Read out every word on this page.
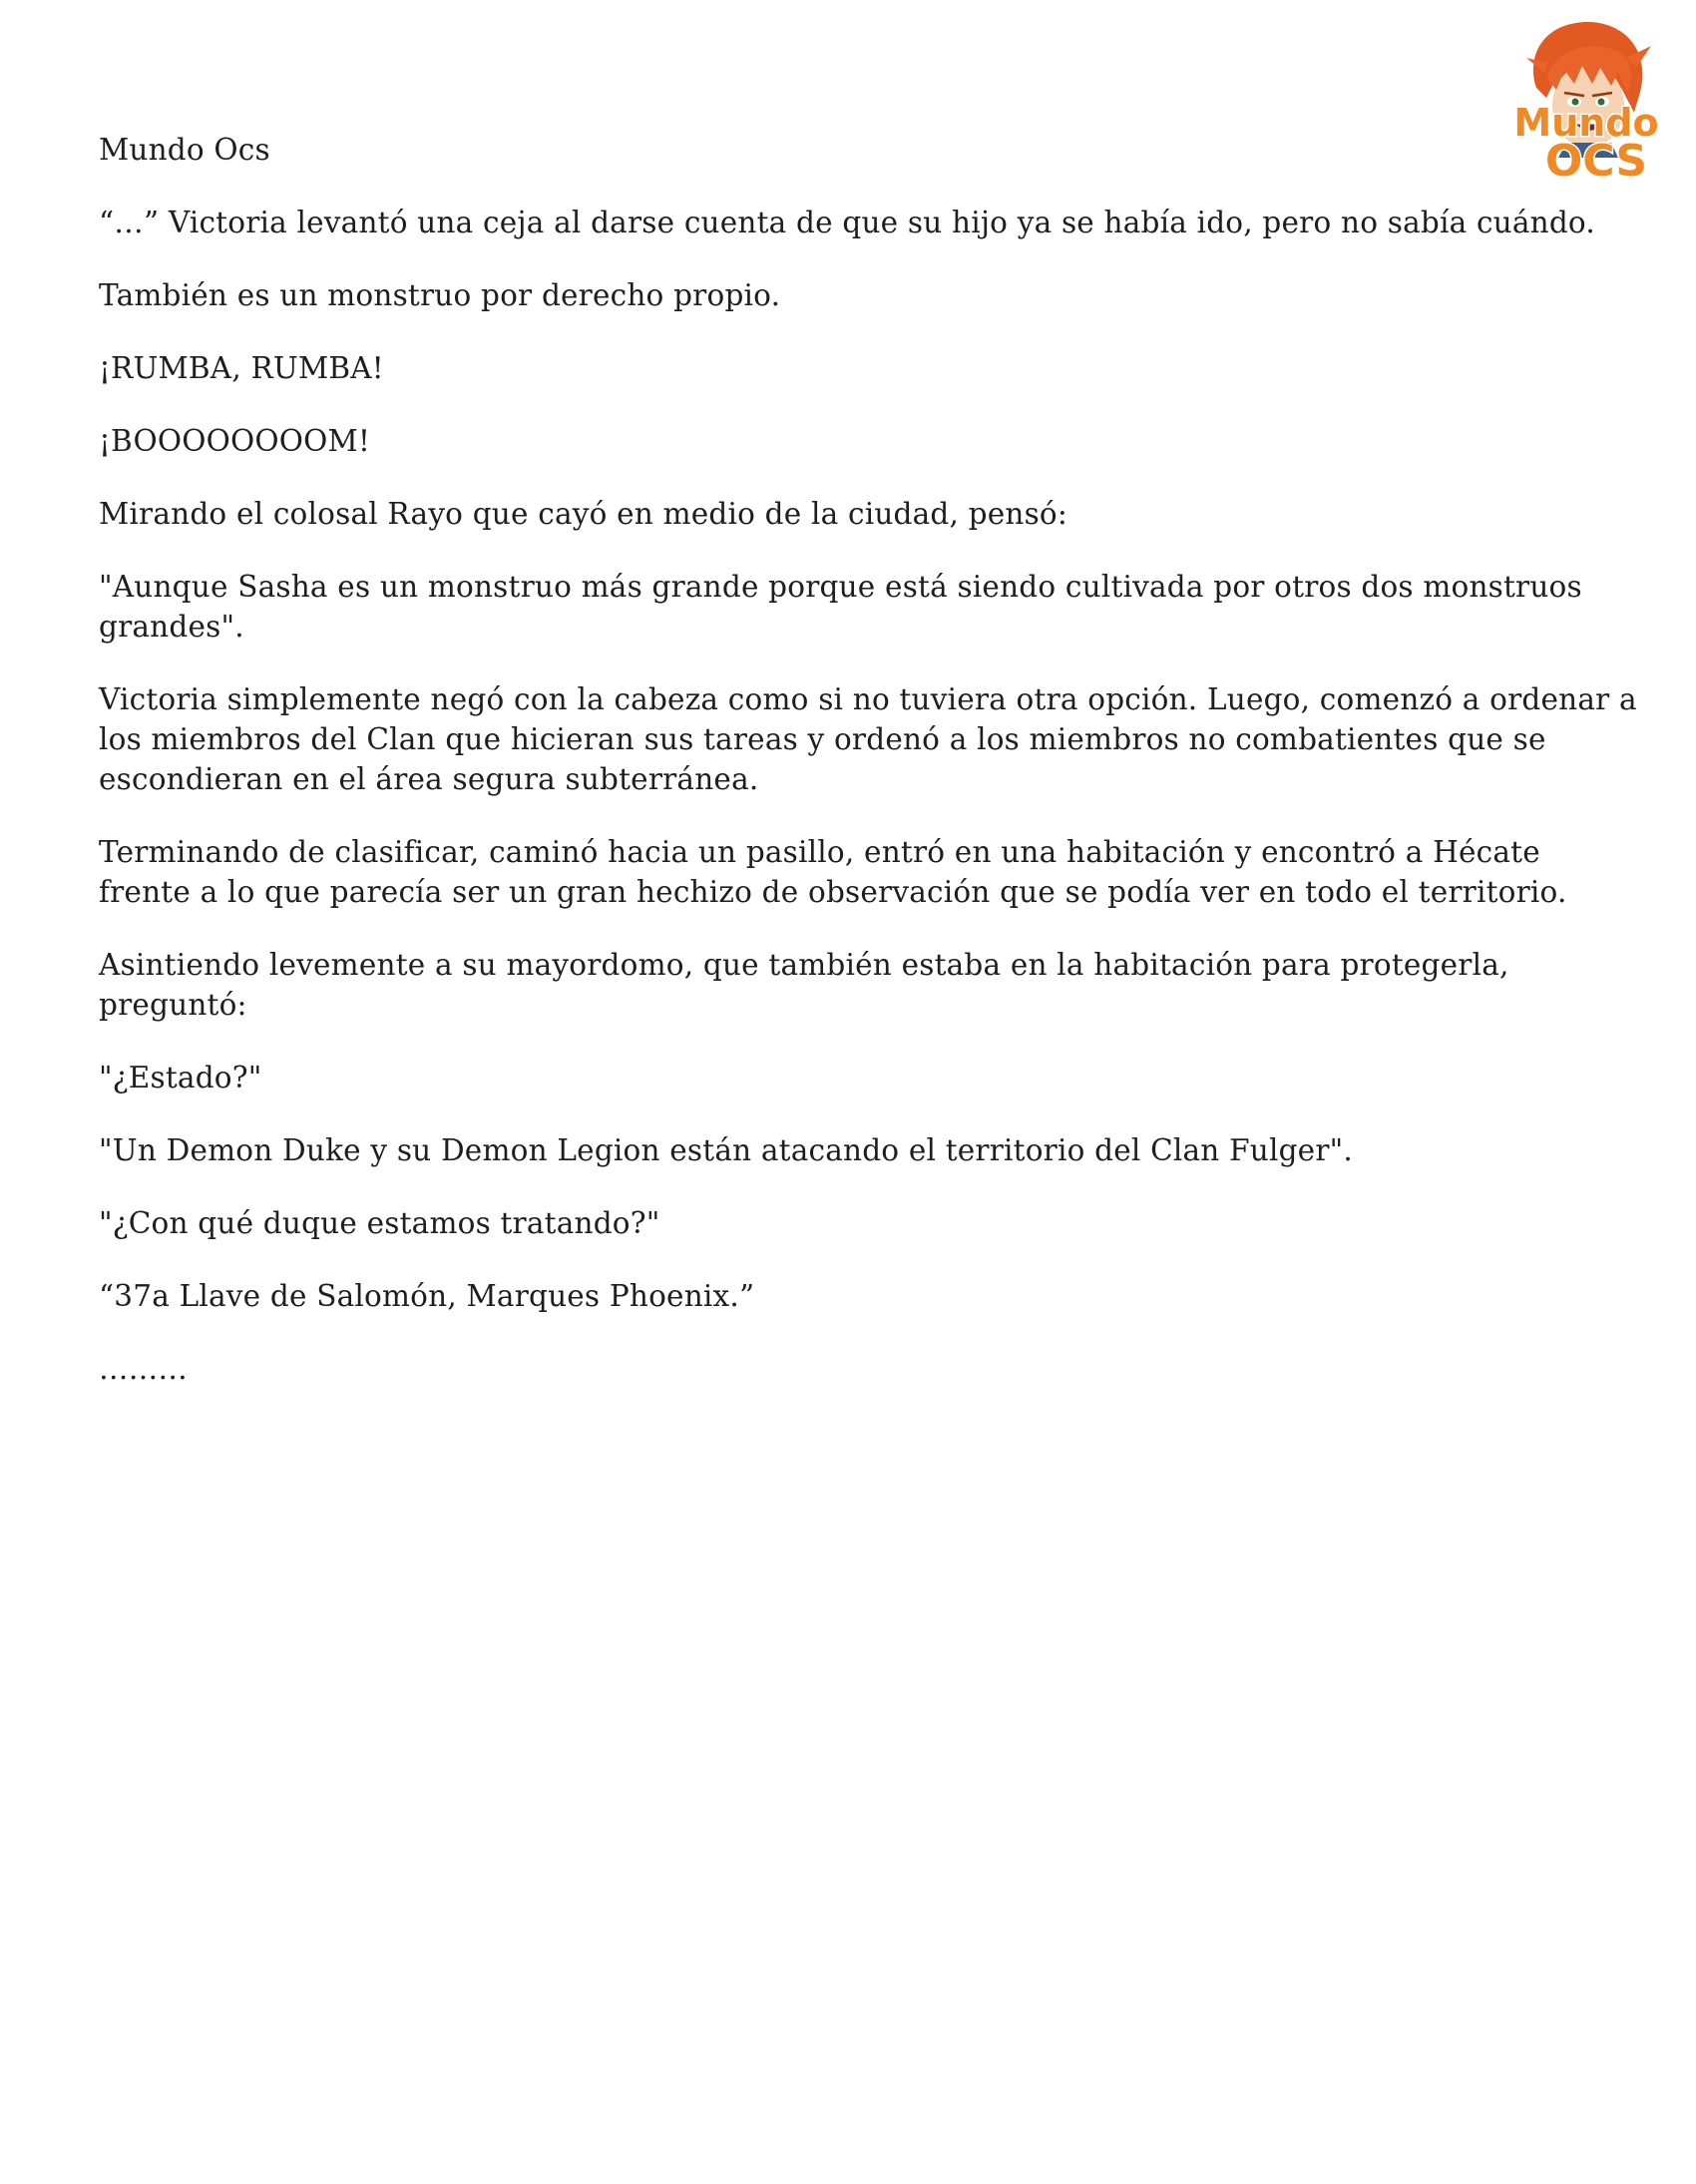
Mundo
OCS

Mundo Ocs

“…” Victoria levantó una ceja al darse cuenta de que su hijo ya se había ido, pero no sabía cuándo.

También es un monstruo por derecho propio.

¡RUMBA, RUMBA!

¡BOOOOOOOOM!

Mirando el colosal Rayo que cayó en medio de la ciudad, pensó:

"Aunque Sasha es un monstruo más grande porque está siendo cultivada por otros dos monstruos grandes".

Victoria simplemente negó con la cabeza como si no tuviera otra opción. Luego, comenzó a ordenar a los miembros del Clan que hicieran sus tareas y ordenó a los miembros no combatientes que se escondieran en el área segura subterránea.

Terminando de clasificar, caminó hacia un pasillo, entró en una habitación y encontró a Hécate frente a lo que parecía ser un gran hechizo de observación que se podía ver en todo el territorio.

Asintiendo levemente a su mayordomo, que también estaba en la habitación para protegerla, preguntó:

"¿Estado?"

"Un Demon Duke y su Demon Legion están atacando el territorio del Clan Fulger".

"¿Con qué duque estamos tratando?"

“37a Llave de Salomón, Marques Phoenix.”

………
